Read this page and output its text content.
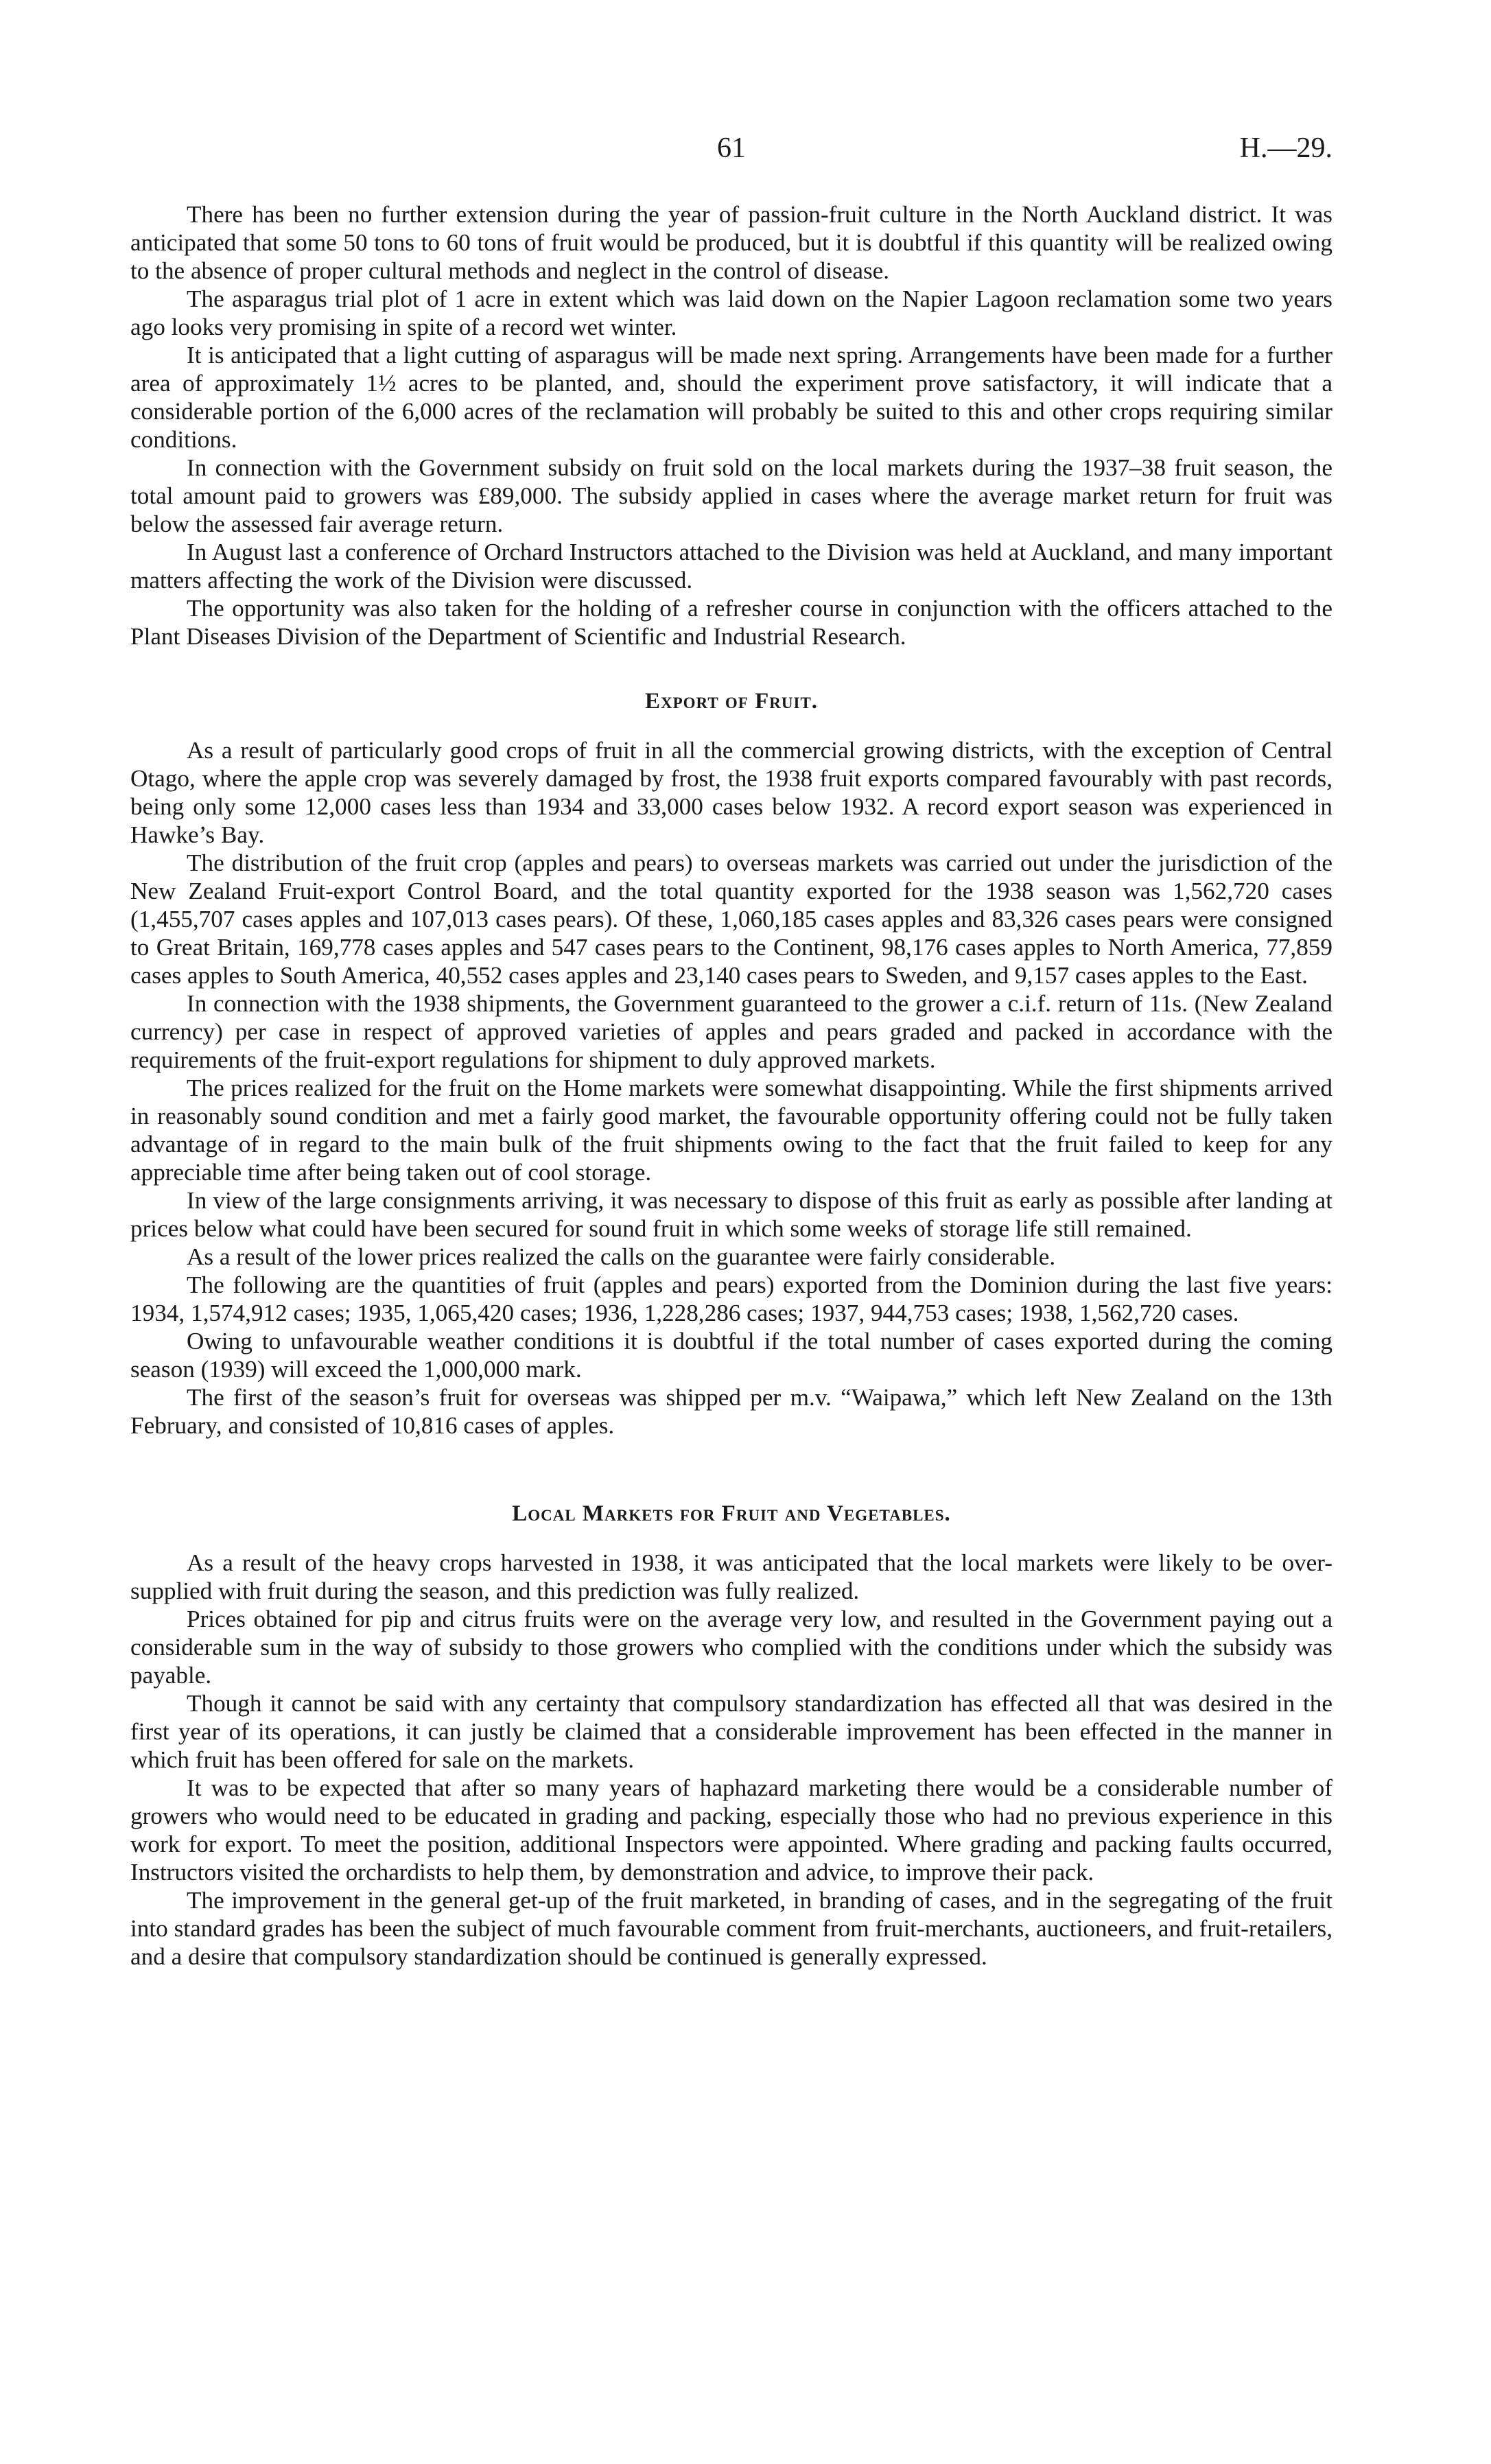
61	H.—29.

There has been no further extension during the year of passion-fruit culture in the North Auckland district. It was anticipated that some 50 tons to 60 tons of fruit would be produced, but it is doubtful if this quantity will be realized owing to the absence of proper cultural methods and neglect in the control of disease.

The asparagus trial plot of 1 acre in extent which was laid down on the Napier Lagoon reclamation some two years ago looks very promising in spite of a record wet winter.

It is anticipated that a light cutting of asparagus will be made next spring. Arrangements have been made for a further area of approximately 1½ acres to be planted, and, should the experiment prove satisfactory, it will indicate that a considerable portion of the 6,000 acres of the reclamation will probably be suited to this and other crops requiring similar conditions.

In connection with the Government subsidy on fruit sold on the local markets during the 1937–38 fruit season, the total amount paid to growers was £89,000. The subsidy applied in cases where the average market return for fruit was below the assessed fair average return.

In August last a conference of Orchard Instructors attached to the Division was held at Auckland, and many important matters affecting the work of the Division were discussed.

The opportunity was also taken for the holding of a refresher course in conjunction with the officers attached to the Plant Diseases Division of the Department of Scientific and Industrial Research.

Export of Fruit.

As a result of particularly good crops of fruit in all the commercial growing districts, with the exception of Central Otago, where the apple crop was severely damaged by frost, the 1938 fruit exports compared favourably with past records, being only some 12,000 cases less than 1934 and 33,000 cases below 1932. A record export season was experienced in Hawke’s Bay.

The distribution of the fruit crop (apples and pears) to overseas markets was carried out under the jurisdiction of the New Zealand Fruit-export Control Board, and the total quantity exported for the 1938 season was 1,562,720 cases (1,455,707 cases apples and 107,013 cases pears). Of these, 1,060,185 cases apples and 83,326 cases pears were consigned to Great Britain, 169,778 cases apples and 547 cases pears to the Continent, 98,176 cases apples to North America, 77,859 cases apples to South America, 40,552 cases apples and 23,140 cases pears to Sweden, and 9,157 cases apples to the East.

In connection with the 1938 shipments, the Government guaranteed to the grower a c.i.f. return of 11s. (New Zealand currency) per case in respect of approved varieties of apples and pears graded and packed in accordance with the requirements of the fruit-export regulations for shipment to duly approved markets.

The prices realized for the fruit on the Home markets were somewhat disappointing. While the first shipments arrived in reasonably sound condition and met a fairly good market, the favourable opportunity offering could not be fully taken advantage of in regard to the main bulk of the fruit shipments owing to the fact that the fruit failed to keep for any appreciable time after being taken out of cool storage.

In view of the large consignments arriving, it was necessary to dispose of this fruit as early as possible after landing at prices below what could have been secured for sound fruit in which some weeks of storage life still remained.

As a result of the lower prices realized the calls on the guarantee were fairly considerable.

The following are the quantities of fruit (apples and pears) exported from the Dominion during the last five years: 1934, 1,574,912 cases; 1935, 1,065,420 cases; 1936, 1,228,286 cases; 1937, 944,753 cases; 1938, 1,562,720 cases.

Owing to unfavourable weather conditions it is doubtful if the total number of cases exported during the coming season (1939) will exceed the 1,000,000 mark.

The first of the season’s fruit for overseas was shipped per m.v. “Waipawa,” which left New Zealand on the 13th February, and consisted of 10,816 cases of apples.

Local Markets for Fruit and Vegetables.

As a result of the heavy crops harvested in 1938, it was anticipated that the local markets were likely to be over-supplied with fruit during the season, and this prediction was fully realized.

Prices obtained for pip and citrus fruits were on the average very low, and resulted in the Government paying out a considerable sum in the way of subsidy to those growers who complied with the conditions under which the subsidy was payable.

Though it cannot be said with any certainty that compulsory standardization has effected all that was desired in the first year of its operations, it can justly be claimed that a considerable improvement has been effected in the manner in which fruit has been offered for sale on the markets.

It was to be expected that after so many years of haphazard marketing there would be a considerable number of growers who would need to be educated in grading and packing, especially those who had no previous experience in this work for export. To meet the position, additional Inspectors were appointed. Where grading and packing faults occurred, Instructors visited the orchardists to help them, by demonstration and advice, to improve their pack.

The improvement in the general get-up of the fruit marketed, in branding of cases, and in the segregating of the fruit into standard grades has been the subject of much favourable comment from fruit-merchants, auctioneers, and fruit-retailers, and a desire that compulsory standardization should be continued is generally expressed.
